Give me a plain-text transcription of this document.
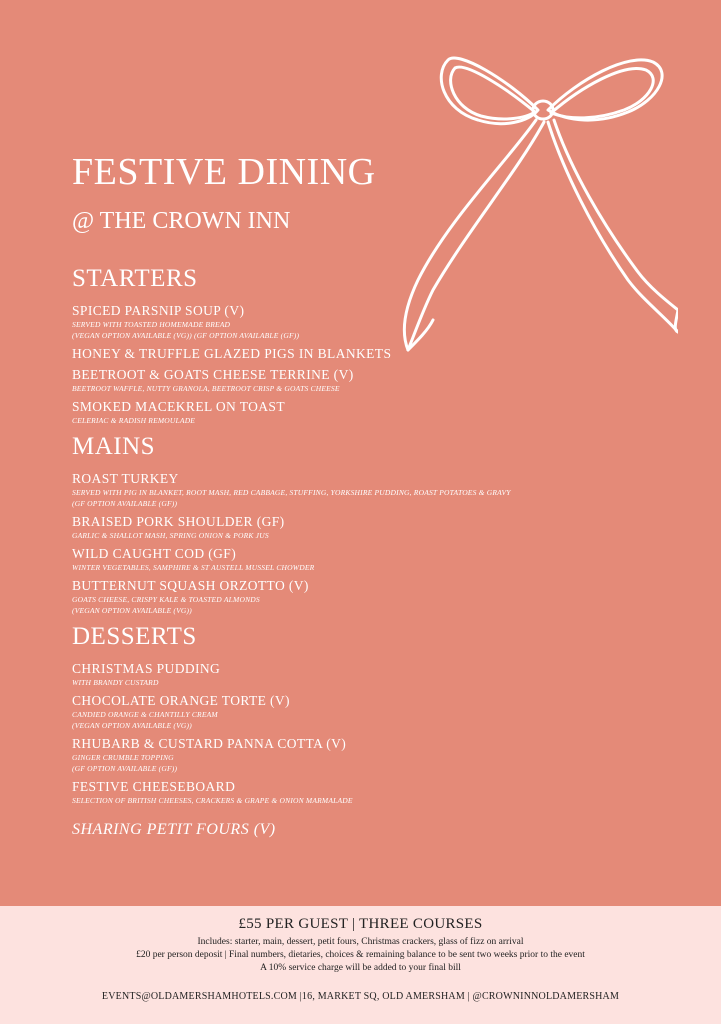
FESTIVE DINING
@ THE CROWN INN
STARTERS
SPICED PARSNIP SOUP (V)
SERVED WITH TOASTED HOMEMADE BREAD
(VEGAN OPTION AVAILABLE (VG)) (GF OPTION AVAILABLE (GF))
HONEY & TRUFFLE GLAZED PIGS IN BLANKETS
BEETROOT & GOATS CHEESE TERRINE (V)
BEETROOT WAFFLE, NUTTY GRANOLA, BEETROOT CRISP & GOATS CHEESE
SMOKED MACEKREL ON TOAST
CELERIAC & RADISH REMOULADE
MAINS
ROAST TURKEY
SERVED WITH PIG IN BLANKET, ROOT MASH, RED CABBAGE, STUFFING, YORKSHIRE PUDDING, ROAST POTATOES & GRAVY
(GF OPTION AVAILABLE (GF))
BRAISED PORK SHOULDER (GF)
GARLIC & SHALLOT MASH, SPRING ONION & PORK JUS
WILD CAUGHT COD (GF)
WINTER VEGETABLES, SAMPHIRE & ST AUSTELL MUSSEL CHOWDER
BUTTERNUT SQUASH ORZOTTO (V)
GOATS CHEESE, CRISPY KALE & TOASTED ALMONDS
(VEGAN OPTION AVAILABLE (VG))
DESSERTS
CHRISTMAS PUDDING
WITH BRANDY CUSTARD
CHOCOLATE ORANGE TORTE (V)
CANDIED ORANGE & CHANTILLY CREAM
(VEGAN OPTION AVAILABLE (VG))
RHUBARB & CUSTARD PANNA COTTA (V)
GINGER CRUMBLE TOPPING
(GF OPTION AVAILABLE (GF))
FESTIVE CHEESEBOARD
SELECTION OF BRITISH CHEESES, CRACKERS & GRAPE & ONION MARMALADE
SHARING PETIT FOURS (V)
£55 PER GUEST | THREE COURSES
Includes: starter, main, dessert, petit fours, Christmas crackers, glass of fizz on arrival
£20 per person deposit | Final numbers, dietaries, choices & remaining balance to be sent two weeks prior to the event
A 10% service charge will be added to your final bill
EVENTS@OLDAMERSHAMHOTELS.COM |16, MARKET SQ, OLD AMERSHAM | @CROWNINNOLDAMERSHAM
